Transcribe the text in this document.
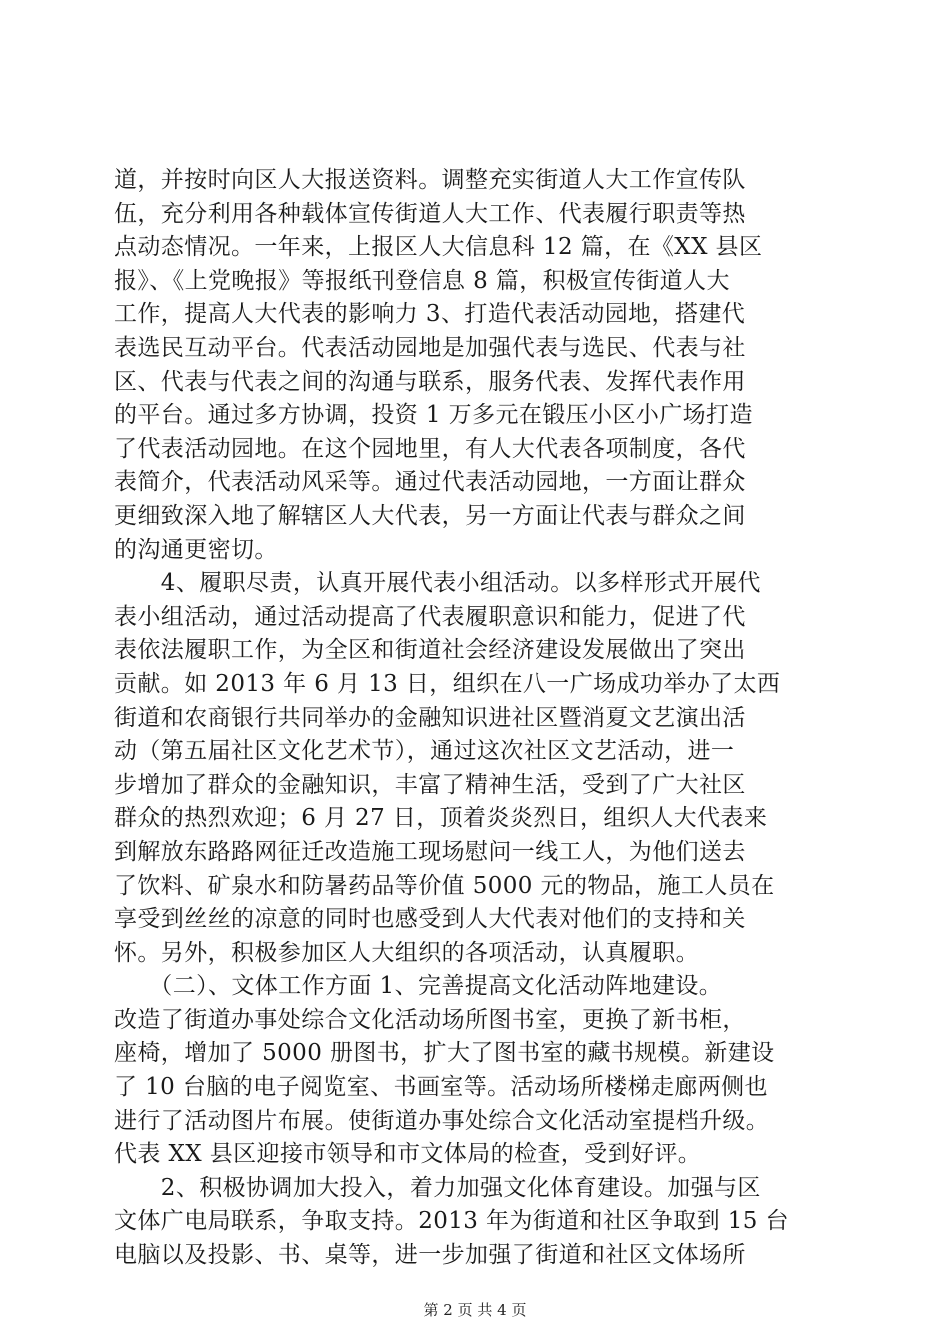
道，并按时向区人大报送资料。调整充实街道人大工作宣传队
伍，充分利用各种载体宣传街道人大工作、代表履行职责等热
点动态情况。一年来，上报区人大信息科 12 篇，在《XX 县区
报》、《上党晚报》等报纸刊登信息 8 篇，积极宣传街道人大
工作，提高人大代表的影响力 3、打造代表活动园地，搭建代
表选民互动平台。代表活动园地是加强代表与选民、代表与社
区、代表与代表之间的沟通与联系，服务代表、发挥代表作用
的平台。通过多方协调，投资 1 万多元在锻压小区小广场打造
了代表活动园地。在这个园地里，有人大代表各项制度，各代
表简介，代表活动风采等。通过代表活动园地，一方面让群众
更细致深入地了解辖区人大代表，另一方面让代表与群众之间
的沟通更密切。
　　4、履职尽责，认真开展代表小组活动。以多样形式开展代
表小组活动，通过活动提高了代表履职意识和能力，促进了代
表依法履职工作，为全区和街道社会经济建设发展做出了突出
贡献。如 2013 年 6 月 13 日，组织在八一广场成功举办了太西
街道和农商银行共同举办的金融知识进社区暨消夏文艺演出活
动（第五届社区文化艺术节），通过这次社区文艺活动，进一
步增加了群众的金融知识，丰富了精神生活，受到了广大社区
群众的热烈欢迎；6 月 27 日，顶着炎炎烈日，组织人大代表来
到解放东路路网征迁改造施工现场慰问一线工人，为他们送去
了饮料、矿泉水和防暑药品等价值 5000 元的物品，施工人员在
享受到丝丝的凉意的同时也感受到人大代表对他们的支持和关
怀。另外，积极参加区人大组织的各项活动，认真履职。
　　（二）、文体工作方面 1、完善提高文化活动阵地建设。
改造了街道办事处综合文化活动场所图书室，更换了新书柜，
座椅，增加了 5000 册图书，扩大了图书室的藏书规模。新建设
了 10 台脑的电子阅览室、书画室等。活动场所楼梯走廊两侧也
进行了活动图片布展。使街道办事处综合文化活动室提档升级。
代表 XX 县区迎接市领导和市文体局的检查，受到好评。
　　2、积极协调加大投入，着力加强文化体育建设。加强与区
文体广电局联系，争取支持。2013 年为街道和社区争取到 15 台
电脑以及投影、书、桌等，进一步加强了街道和社区文体场所
第 2 页 共 4 页
